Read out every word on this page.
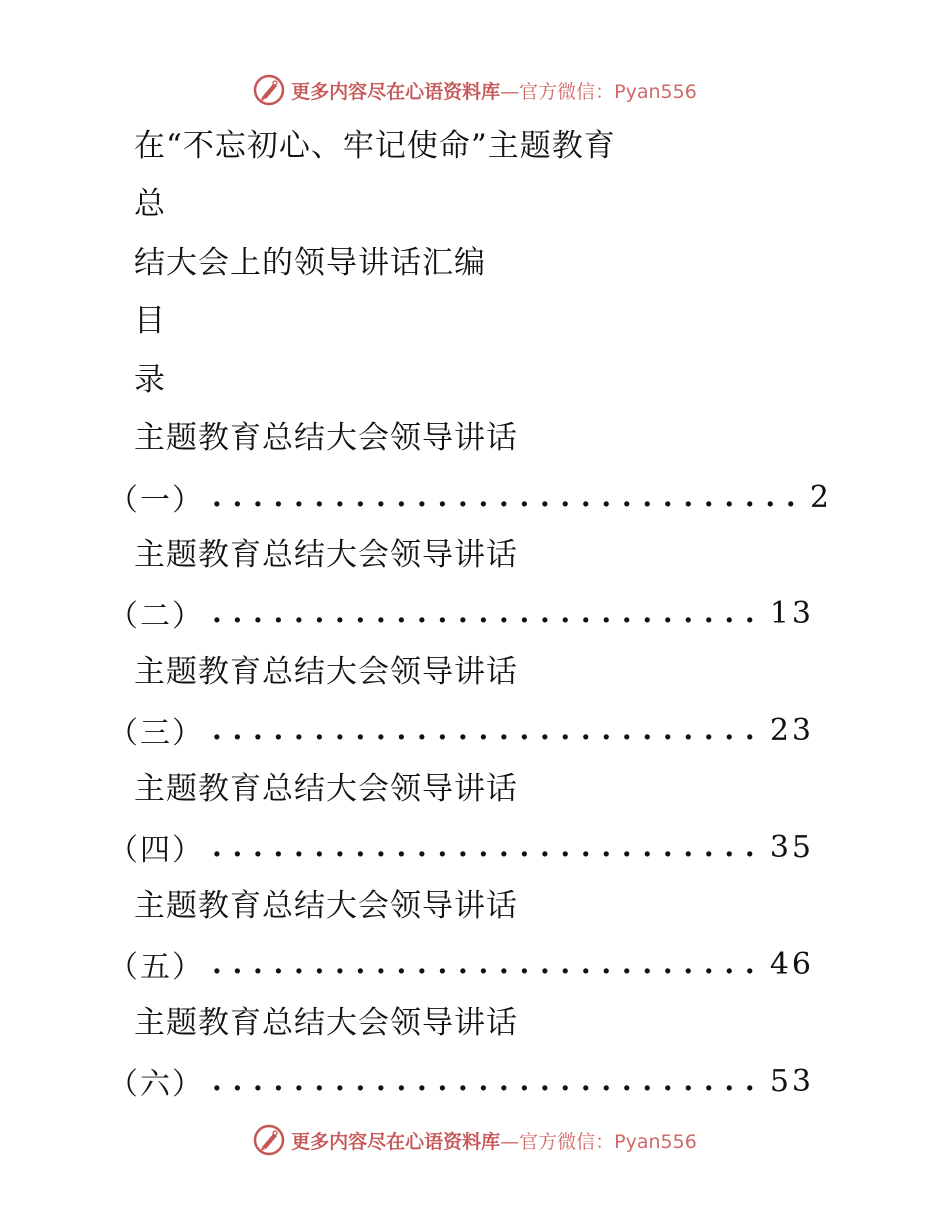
更多内容尽在心语资料库—官方微信：Pyan556
在“不忘初心、牢记使命”主题教育
总
结大会上的领导讲话汇编
目
录
主题教育总结大会领导讲话
（一） . . .	2
主题教育总结大会领导讲话
（二） . . .	13
主题教育总结大会领导讲话
（三） . . .	23
主题教育总结大会领导讲话
（四） . . .	35
主题教育总结大会领导讲话
（五） . . .	46
主题教育总结大会领导讲话
（六） . . .	53
更多内容尽在心语资料库—官方微信：Pyan556
